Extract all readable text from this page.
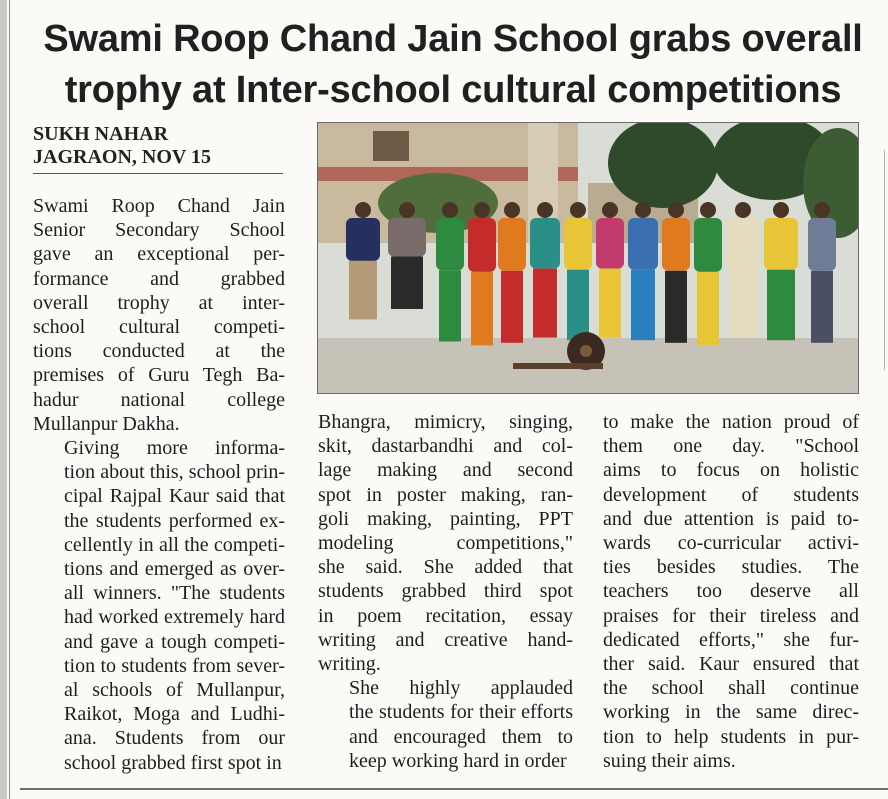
Swami Roop Chand Jain School grabs overall
trophy at Inter-school cultural competitions
SUKH NAHAR
JAGRAON, NOV 15

Swami Roop Chand Jain
Senior Secondary School
gave an exceptional per-
formance and grabbed
overall trophy at inter-
school cultural competi-
tions conducted at the
premises of Guru Tegh Ba-
hadur national college
Mullanpur Dakha.

Giving more informa-
tion about this, school prin-
cipal Rajpal Kaur said that
the students performed ex-
cellently in all the competi-
tions and emerged as over-
all winners. "The students
had worked extremely hard
and gave a tough competi-
tion to students from sever-
al schools of Mullanpur,
Raikot, Moga and Ludhi-
ana. Students from our
school grabbed first spot in

Bhangra, mimicry, singing,
skit, dastarbandhi and col-
lage making and second
spot in poster making, ran-
goli making, painting, PPT
modeling competitions,"
she said. She added that
students grabbed third spot
in poem recitation, essay
writing and creative hand-
writing.

She highly applauded
the students for their efforts
and encouraged them to
keep working hard in order

to make the nation proud of
them one day. "School
aims to focus on holistic
development of students
and due attention is paid to-
wards co-curricular activi-
ties besides studies. The
teachers too deserve all
praises for their tireless and
dedicated efforts," she fur-
ther said. Kaur ensured that
the school shall continue
working in the same direc-
tion to help students in pur-
suing their aims.
